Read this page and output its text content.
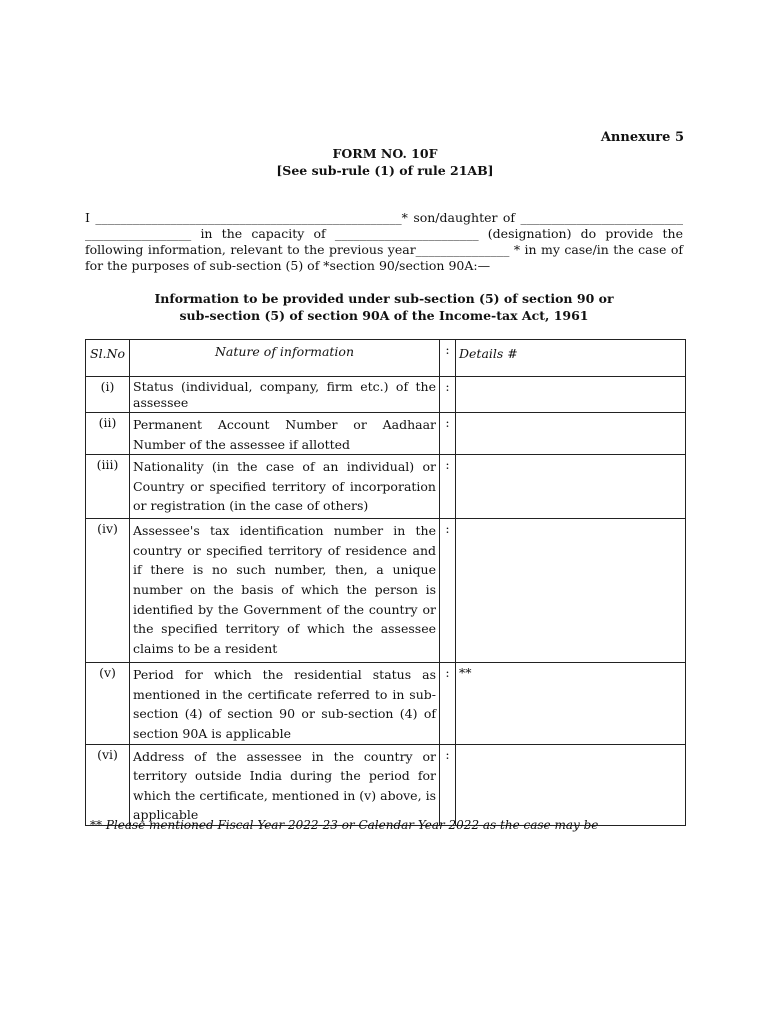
Annexure 5
FORM NO. 10F
[See sub-rule (1) of rule 21AB]
I _________________________________________________* son/daughter of __________________________ _________________ in the capacity of _______________________ (designation) do provide the following information, relevant to the previous year_______________ * in my case/in the case of for the purposes of sub-section (5) of *section 90/section 90A:—
Information to be provided under sub-section (5) of section 90 or
sub-section (5) of section 90A of the Income-tax Act, 1961
Sl.No	Nature of information	:	Details #
(i)	Status (individual, company, firm etc.) of the assessee	:	
(ii)	Permanent Account Number or Aadhaar Number of the assessee if allotted	:	
(iii)	Nationality (in the case of an individual) or Country or specified territory of incorporation or registration (in the case of others)	:	
(iv)	Assessee's tax identification number in the country or specified territory of residence and if there is no such number, then, a unique number on the basis of which the person is identified by the Government of the country or the specified territory of which the assessee claims to be a resident	:	
(v)	Period for which the residential status as mentioned in the certificate referred to in sub-section (4) of section 90 or sub-section (4) of section 90A is applicable	:	**
(vi)	Address of the assessee in the country or territory outside India during the period for which the certificate, mentioned in (v) above, is applicable	:	
** Please mentioned Fiscal Year 2022-23 or Calendar Year 2022 as the case may be
